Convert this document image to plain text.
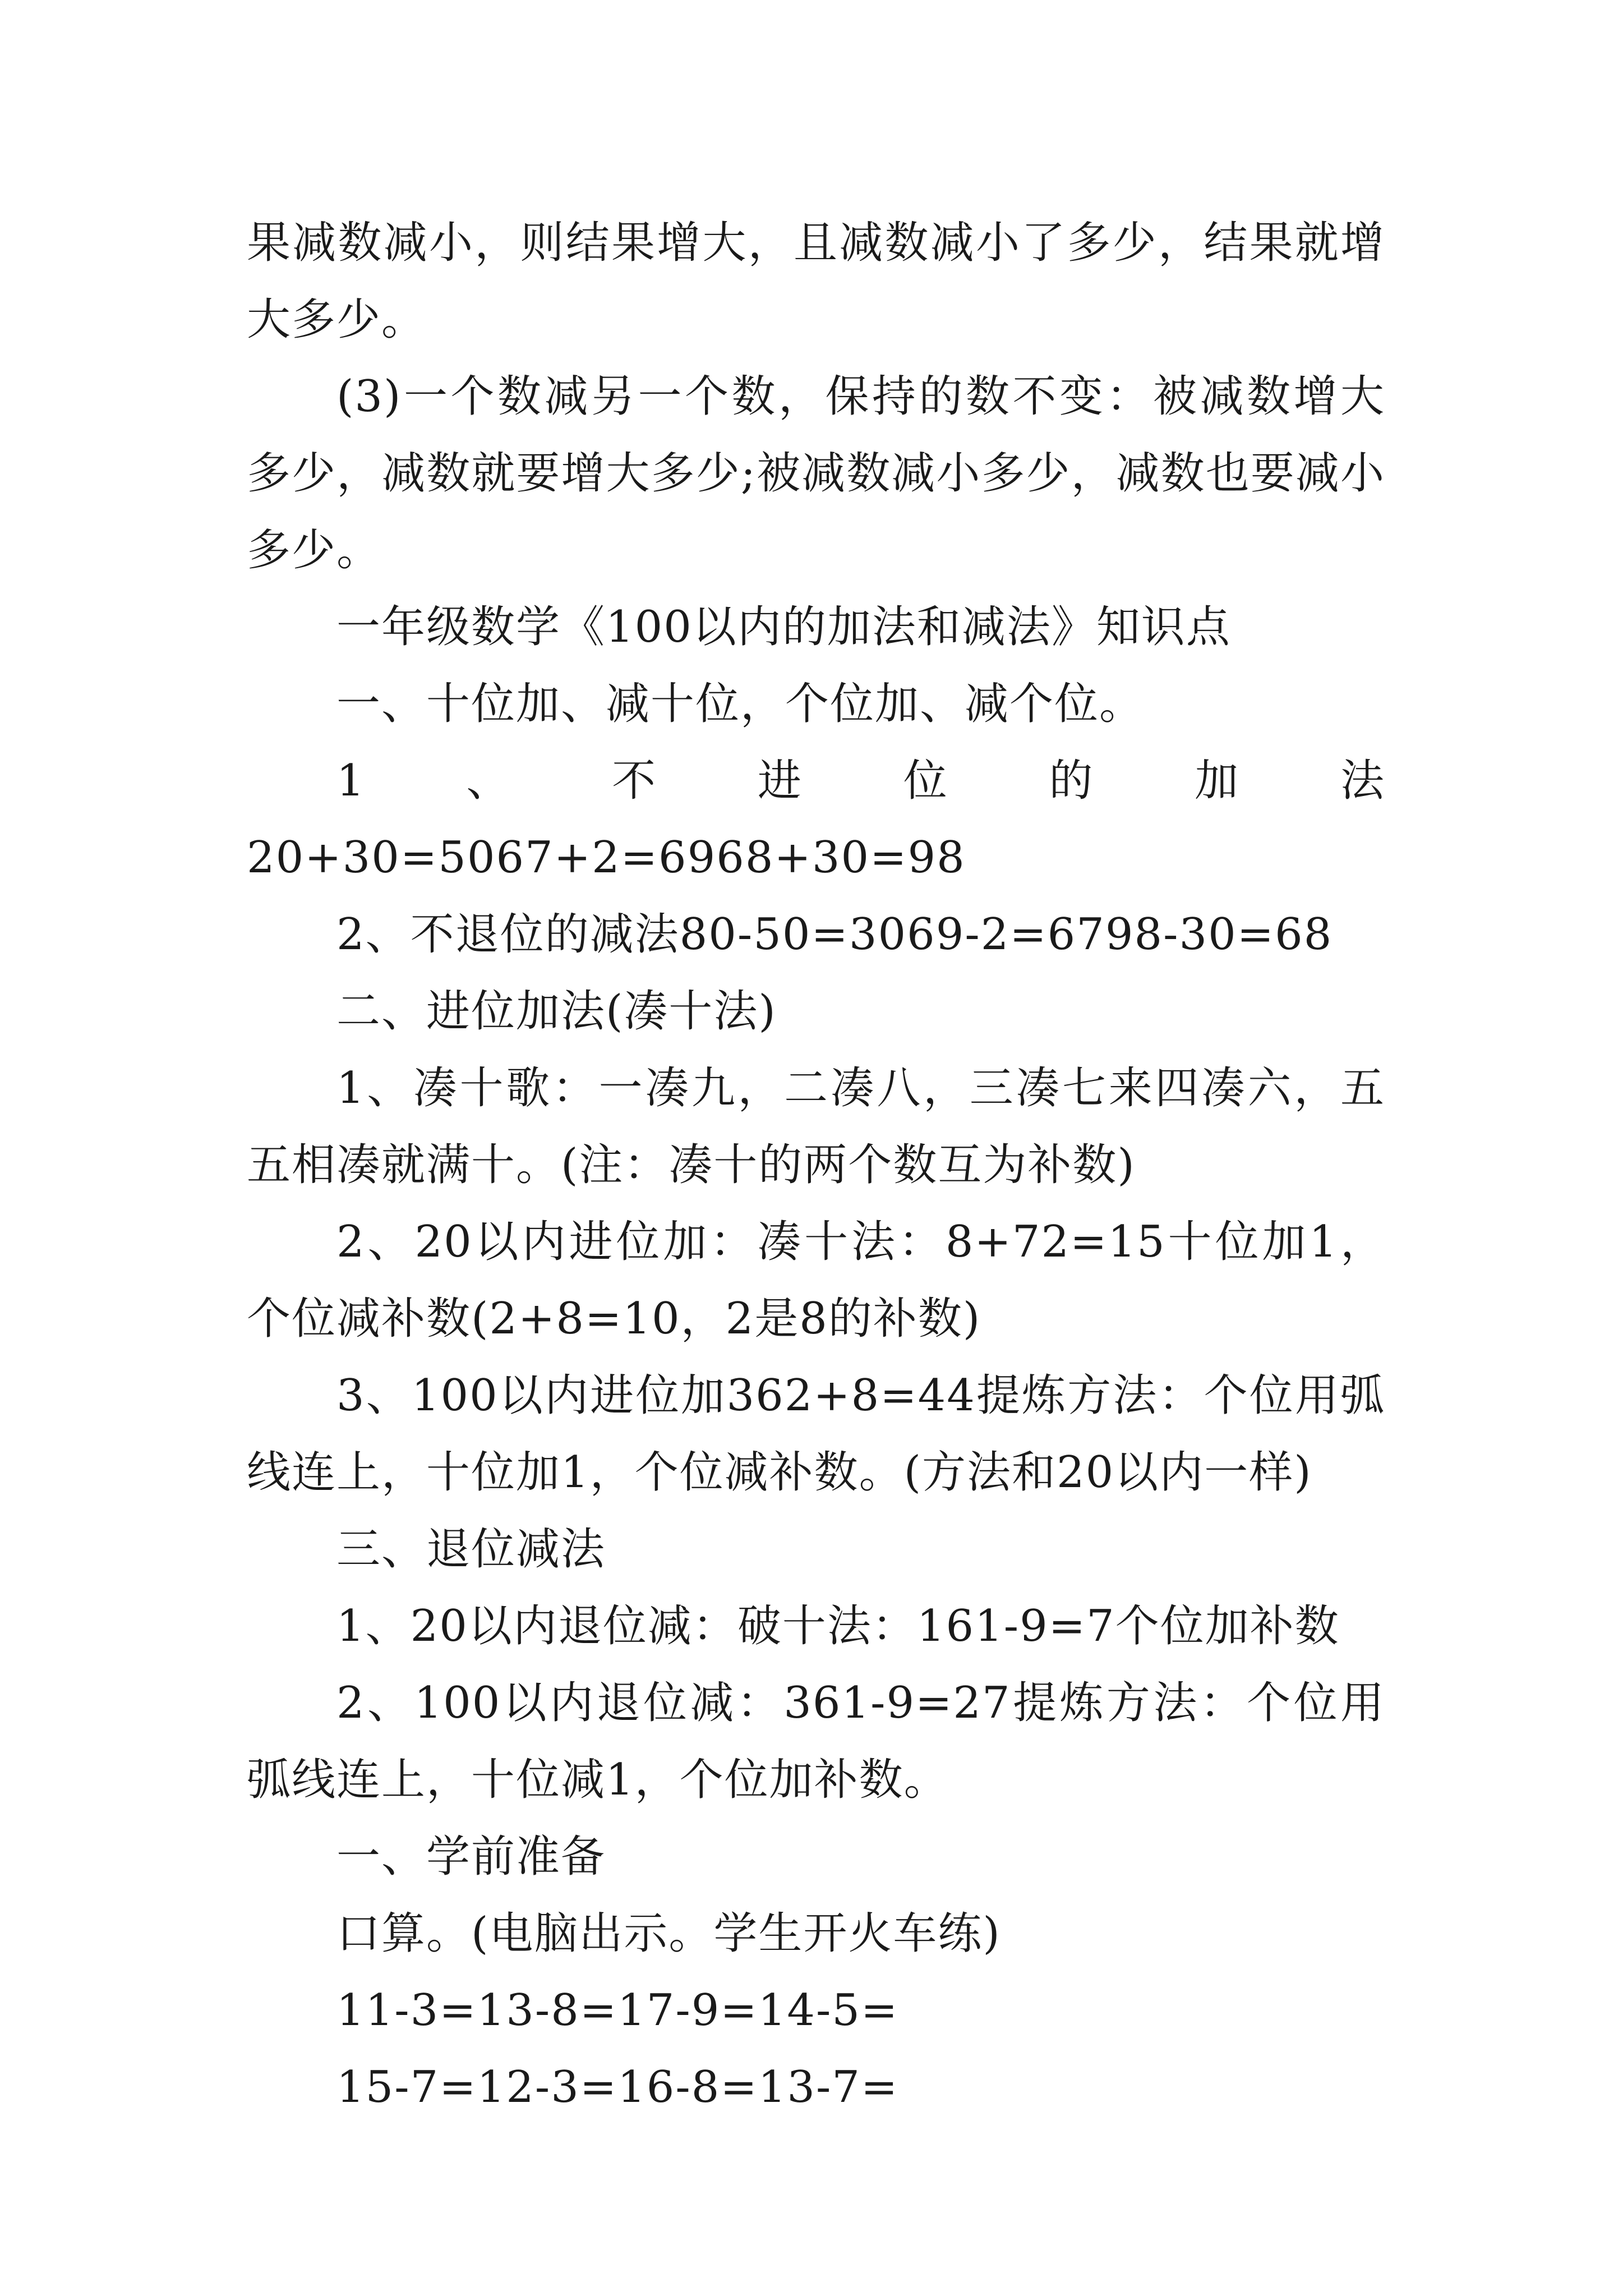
果减数减小，则结果增大，且减数减小了多少，结果就增大多少。

(3)一个数减另一个数，保持的数不变：被减数增大多少，减数就要增大多少;被减数减小多少，减数也要减小多少。

一年级数学《100以内的加法和减法》知识点

一、十位加、减十位，个位加、减个位。

1、不进位的加法20+30=5067+2=6968+30=98

2、不退位的减法80-50=3069-2=6798-30=68

二、进位加法(凑十法)

1、凑十歌：一凑九，二凑八，三凑七来四凑六，五五相凑就满十。(注：凑十的两个数互为补数)

2、20以内进位加：凑十法：8+72=15十位加1，个位减补数(2+8=10，2是8的补数)

3、100以内进位加362+8=44提炼方法：个位用弧线连上，十位加1，个位减补数。(方法和20以内一样)

三、退位减法

1、20以内退位减：破十法：161-9=7个位加补数

2、100以内退位减：361-9=27提炼方法：个位用弧线连上，十位减1，个位加补数。

一、学前准备

口算。(电脑出示。学生开火车练)

11-3=13-8=17-9=14-5=

15-7=12-3=16-8=13-7=
